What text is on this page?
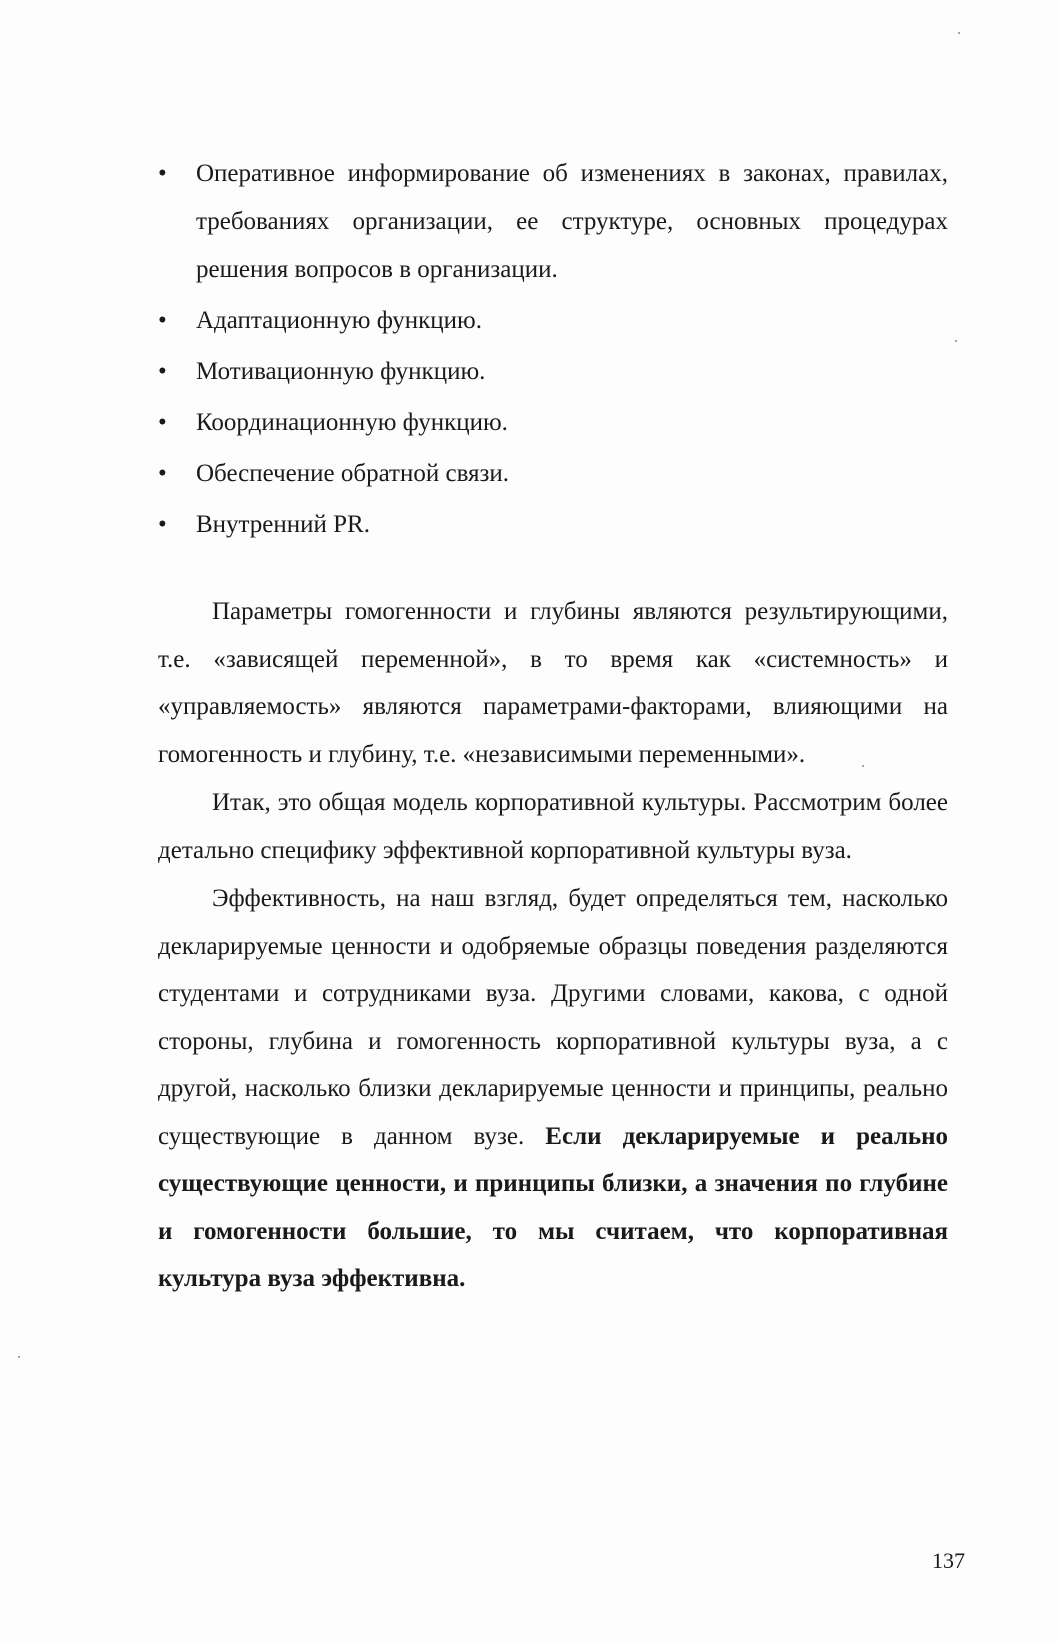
• Оперативное информирование об изменениях в законах, правилах, требованиях организации, ее структуре, основных процедурах решения вопросов в организации.
• Адаптационную функцию.
• Мотивационную функцию.
• Координационную функцию.
• Обеспечение обратной связи.
• Внутренний PR.

Параметры гомогенности и глубины являются результирующими, т.е. «зависящей переменной», в то время как «системность» и «управляемость» являются параметрами-факторами, влияющими на гомогенность и глубину, т.е. «независимыми переменными».

Итак, это общая модель корпоративной культуры. Рассмотрим более детально специфику эффективной корпоративной культуры вуза.

Эффективность, на наш взгляд, будет определяться тем, насколько декларируемые ценности и одобряемые образцы поведения разделяются студентами и сотрудниками вуза. Другими словами, какова, с одной стороны, глубина и гомогенность корпоративной культуры вуза, а с другой, насколько близки декларируемые ценности и принципы, реально существующие в данном вузе. Если декларируемые и реально существующие ценности, и принципы близки, а значения по глубине и гомогенности большие, то мы считаем, что корпоративная культура вуза эффективна.

137
